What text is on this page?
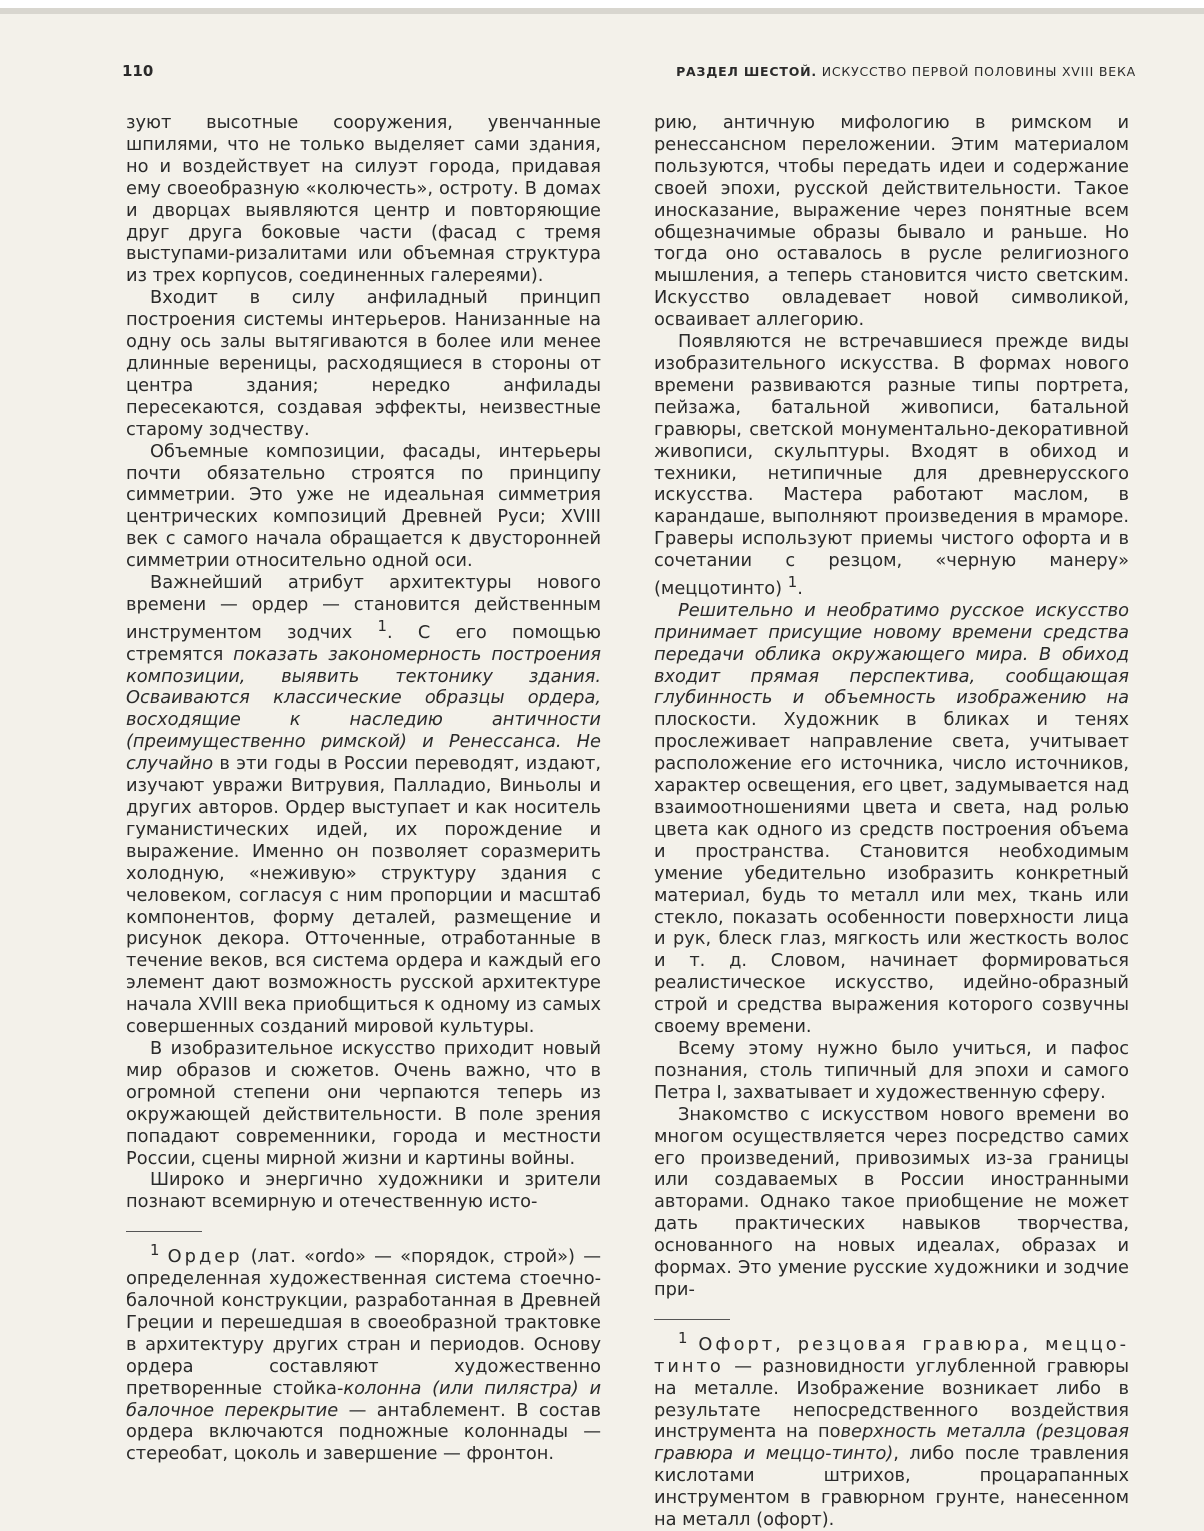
110	РАЗДЕЛ ШЕСТОЙ. ИСКУССТВО ПЕРВОЙ ПОЛОВИНЫ XVIII ВЕКА

зуют высотные сооружения, увенчанные шпилями, что не только выделяет сами здания, но и воздействует на силуэт города, придавая ему своеобразную «колючесть», остроту. В домах и дворцах выявляются центр и повторяющие друг друга боковые части (фасад с тремя выступами-ризалитами или объемная структура из трех корпусов, соединенных галереями).

Входит в силу анфиладный принцип построения системы интерьеров. Нанизанные на одну ось залы вытягиваются в более или менее длинные вереницы, расходящиеся в стороны от центра здания; нередко анфилады пересекаются, создавая эффекты, неизвестные старому зодчеству.

Объемные композиции, фасады, интерьеры почти обязательно строятся по принципу симметрии. Это уже не идеальная симметрия центрических композиций Древней Руси; XVIII век с самого начала обращается к двусторонней симметрии относительно одной оси.

Важнейший атрибут архитектуры нового времени — ордер — становится действенным инструментом зодчих $^1$. С его помощью стремятся показать закономерность построения композиции, выявить тектонику здания. Осваиваются классические образцы ордера, восходящие к наследию античности (преимущественно римской) и Ренессанса. Не случайно в эти годы в России переводят, издают, изучают увражи Витрувия, Палладио, Виньолы и других авторов. Ордер выступает и как носитель гуманистических идей, их порождение и выражение. Именно он позволяет соразмерить холодную, «неживую» структуру здания с человеком, согласуя с ним пропорции и масштаб компонентов, форму деталей, размещение и рисунок декора. Отточенные, отработанные в течение веков, вся система ордера и каждый его элемент дают возможность русской архитектуре начала XVIII века приобщиться к одному из самых совершенных созданий мировой культуры.

В изобразительное искусство приходит новый мир образов и сюжетов. Очень важно, что в огромной степени они черпаются теперь из окружающей действительности. В поле зрения попадают современники, города и местности России, сцены мирной жизни и картины войны.

Широко и энергично художники и зрители познают всемирную и отечественную исто-

$^1$ Ордер (лат. «ordo» — «порядок, строй») — определенная художественная система стоечно-балочной конструкции, разработанная в Древней Греции и перешедшая в своеобразной трактовке в архитектуру других стран и периодов. Основу ордера составляют художественно претворенные стойка-колонна (или пилястра) и балочное перекрытие — антаблемент. В состав ордера включаются подножные колоннады — стереобат, цоколь и завершение — фронтон.

рию, античную мифологию в римском и ренессансном переложении. Этим материалом пользуются, чтобы передать идеи и содержание своей эпохи, русской действительности. Такое иносказание, выражение через понятные всем общезначимые образы бывало и раньше. Но тогда оно оставалось в русле религиозного мышления, а теперь становится чисто светским. Искусство овладевает новой символикой, осваивает аллегорию.

Появляются не встречавшиеся прежде виды изобразительного искусства. В формах нового времени развиваются разные типы портрета, пейзажа, батальной живописи, батальной гравюры, светской монументально-декоративной живописи, скульптуры. Входят в обиход и техники, нетипичные для древнерусского искусства. Мастера работают маслом, в карандаше, выполняют произведения в мраморе. Граверы используют приемы чистого офорта и в сочетании с резцом, «черную манеру» (меццотинто) $^1$.

Решительно и необратимо русское искусство принимает присущие новому времени средства передачи облика окружающего мира. В обиход входит прямая перспектива, сообщающая глубинность и объемность изображению на плоскости. Художник в бликах и тенях прослеживает направление света, учитывает расположение его источника, число источников, характер освещения, его цвет, задумывается над взаимоотношениями цвета и света, над ролью цвета как одного из средств построения объема и пространства. Становится необходимым умение убедительно изобразить конкретный материал, будь то металл или мех, ткань или стекло, показать особенности поверхности лица и рук, блеск глаз, мягкость или жесткость волос и т. д. Словом, начинает формироваться реалистическое искусство, идейно-образный строй и средства выражения которого созвучны своему времени.

Всему этому нужно было учиться, и пафос познания, столь типичный для эпохи и самого Петра I, захватывает и художественную сферу.

Знакомство с искусством нового времени во многом осуществляется через посредство самих его произведений, привозимых из-за границы или создаваемых в России иностранными авторами. Однако такое приобщение не может дать практических навыков творчества, основанного на новых идеалах, образах и формах. Это умение русские художники и зодчие при-

$^1$ Офорт, резцовая гравюра, меццо-тинто — разновидности углубленной гравюры на металле. Изображение возникает либо в результате непосредственного воздействия инструмента на поверхность металла (резцовая гравюра и меццо-тинто), либо после травления кислотами штрихов, процарапанных инструментом в гравюрном грунте, нанесенном на металл (офорт).
